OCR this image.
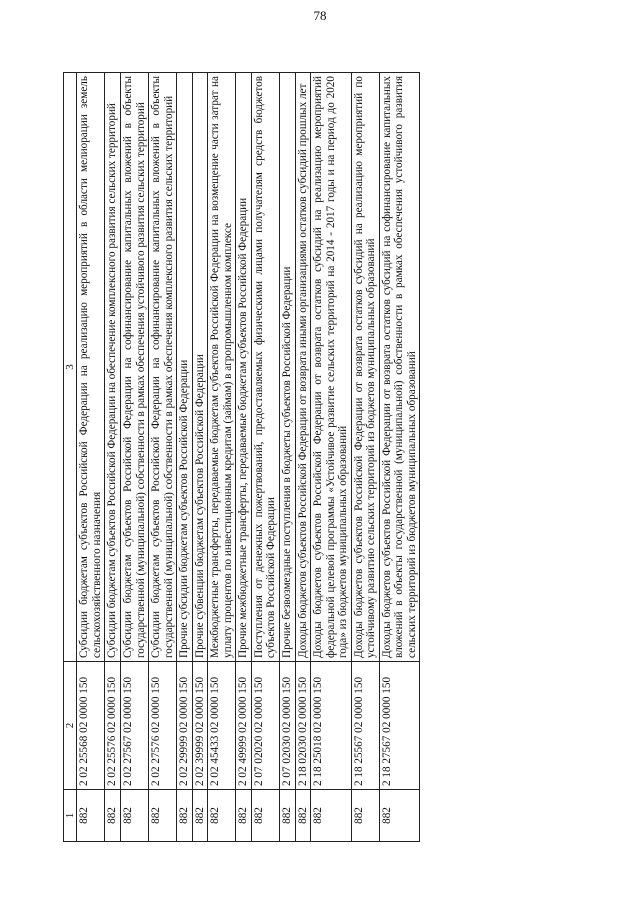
78
1	2	3
882	2 02 25568 02 0000 150	Субсидии бюджетам субъектов Российской Федерации на реализацию мероприятий в области мелиорации земель сельскохозяйственного назначения
882	2 02 25576 02 0000 150	Субсидии бюджетам субъектов Российской Федерации на обеспечение комплексного развития сельских территорий
882	2 02 27567 02 0000 150	Субсидии бюджетам субъектов Российской Федерации на софинансирование капитальных вложений в объекты государственной (муниципальной) собственности в рамках обеспечения устойчивого развития сельских территорий
882	2 02 27576 02 0000 150	Субсидии бюджетам субъектов Российской Федерации на софинансирование капитальных вложений в объекты государственной (муниципальной) собственности в рамках обеспечения комплексного развития сельских территорий
882	2 02 29999 02 0000 150	Прочие субсидии бюджетам субъектов Российской Федерации
882	2 02 39999 02 0000 150	Прочие субвенции бюджетам субъектов Российской Федерации
882	2 02 45433 02 0000 150	Межбюджетные трансферты, передаваемые бюджетам субъектов Российской Федерации на возмещение части затрат на уплату процентов по инвестиционным кредитам (займам) в агропромышленном комплексе
882	2 02 49999 02 0000 150	Прочие межбюджетные трансферты, передаваемые бюджетам субъектов Российской Федерации
882	2 07 02020 02 0000 150	Поступления от денежных пожертвований, предоставляемых физическими лицами получателям средств бюджетов субъектов Российской Федерации
882	2 07 02030 02 0000 150	Прочие безвозмездные поступления в бюджеты субъектов Российской Федерации
882	2 18 02030 02 0000 150	Доходы бюджетов субъектов Российской Федерации от возврата иными организациями остатков субсидий прошлых лет
882	2 18 25018 02 0000 150	Доходы бюджетов субъектов Российской Федерации от возврата остатков субсидий на реализацию мероприятий федеральной целевой программы «Устойчивое развитие сельских территорий на 2014 - 2017 годы и на период до 2020 года» из бюджетов муниципальных образований
882	2 18 25567 02 0000 150	Доходы бюджетов субъектов Российской Федерации от возврата остатков субсидий на реализацию мероприятий по устойчивому развитию сельских территорий из бюджетов муниципальных образований
882	2 18 27567 02 0000 150	Доходы бюджетов субъектов Российской Федерации от возврата остатков субсидий на софинансирование капитальных вложений в объекты государственной (муниципальной) собственности в рамках обеспечения устойчивого развития сельских территорий из бюджетов муниципальных образований
